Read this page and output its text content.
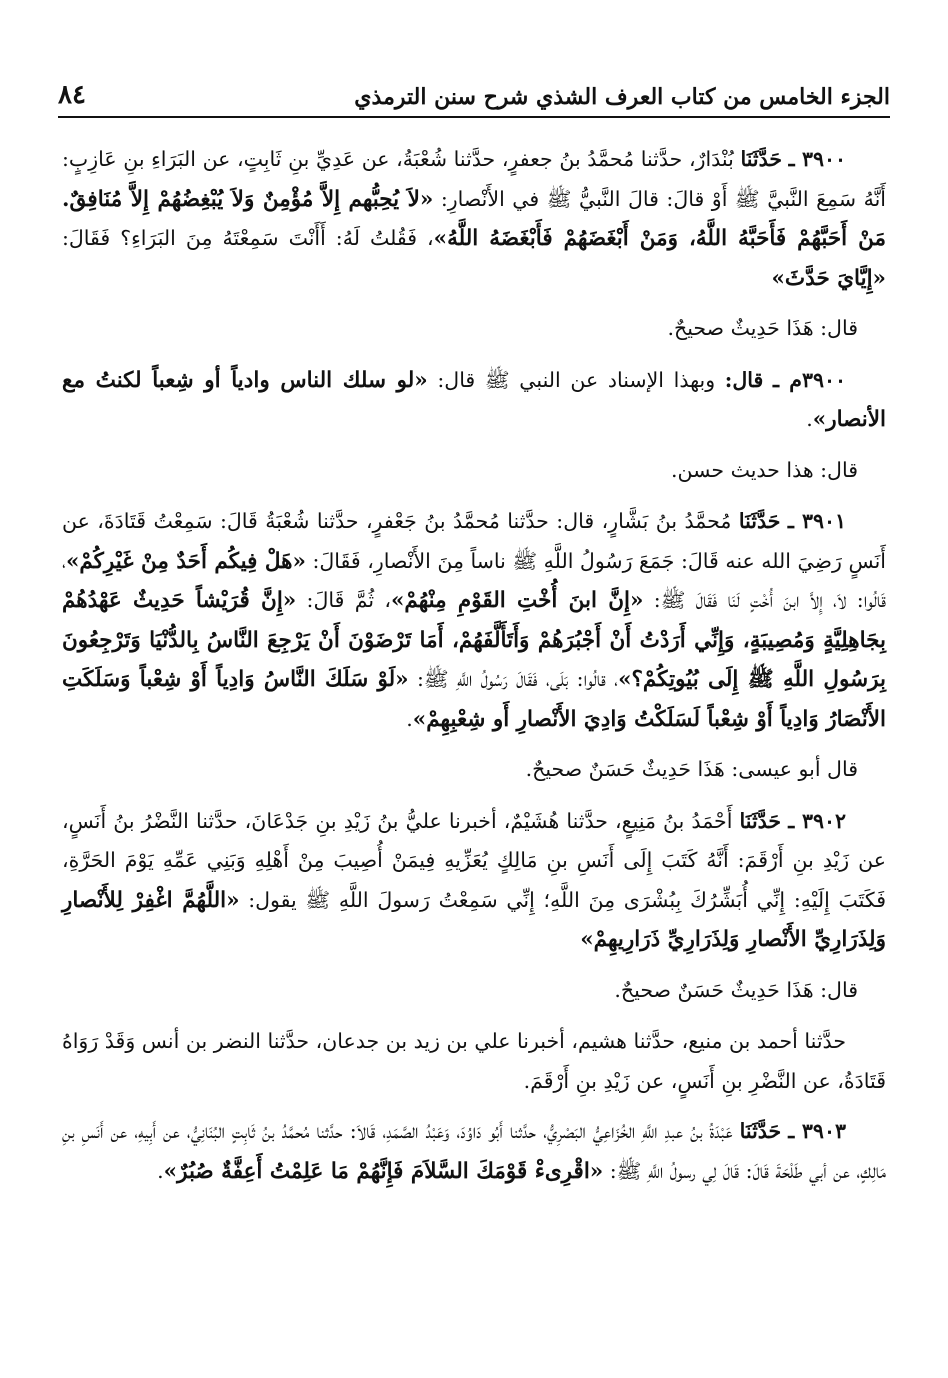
الجزء الخامس من كتاب العرف الشذي شرح سنن الترمذي
٨٤

٣٩٠٠ ـ حَدَّثَنَا بُنْدَارٌ، حدَّثنا مُحمَّدُ بنُ جعفرٍ، حدَّثنا شُعْبَةُ، عن عَدِيِّ بنِ ثَابِتٍ، عن البَرَاءِ بنِ عَازِبٍ: أَنَّهُ سَمِعَ النَّبيَّ ﷺ أَوْ قالَ: قالَ النَّبيُّ ﷺ في الأَنْصارِ: «لاَ يُحِبُّهم إِلاَّ مُؤْمِنٌ وَلاَ يُبْغِضُهُمْ إِلاَّ مُنَافِقٌ. مَنْ أَحَبَّهُمْ فَأَحَبَّهُ اللَّهُ، وَمَنْ أَبْغَضَهُمْ فَأَبْغَضَهُ اللَّهُ»، فَقُلتُ لَهُ: أَأَنْتَ سَمِعْتَهُ مِنَ البَرَاءِ؟ فَقَالَ: «إِيَّايَ حَدَّثَ»

قال: هَذَا حَدِيثٌ صحيحٌ.

٣٩٠٠م ـ قال: وبهذا الإسناد عن النبي ﷺ قال: «لو سلك الناس وادياً أو شِعباً لكنتُ مع الأنصار».

قال: هذا حديث حسن.

٣٩٠١ ـ حَدَّثَنَا مُحمَّدُ بنُ بَشَّارٍ، قال: حدَّثنا مُحمَّدُ بنُ جَعْفرٍ، حدَّثنا شُعْبَةُ قَالَ: سَمِعْتُ قَتَادَةَ، عن أَنَسٍ رَضِيَ الله عنه قَالَ: جَمَعَ رَسُولُ اللَّهِ ﷺ ناساً مِنَ الأَنْصارِ، فَقَالَ: «هَلْ فِيكُم أَحَدٌ مِنْ غَيْرِكُمْ»، قَالُوا: لاَ، إِلاَّ ابنَ أُخْتٍ لَنَا فَقَالَ ﷺ: «إِنَّ ابنَ أُخْتِ القَوْمِ مِنْهُمْ»، ثُمَّ قَالَ: «إِنَّ قُرَيْشاً حَدِيثٌ عَهْدُهُمْ بِجَاهِلِيَّةٍ وَمُصِيبَةٍ، وَإِنِّي أَرَدْتُ أَنْ أَجْبُرَهُمْ وَأَتَأَلَّفَهُمْ، أَمَا تَرْضَوْنَ أَنْ يَرْجِعَ النَّاسُ بِالدُّنْيَا وَتَرْجِعُونَ بِرَسُولِ اللَّهِ ﷺ إِلَى بُيُوتِكُمْ؟»، قالُوا: بَلَى، فَقَالَ رَسُولُ اللَّهِ ﷺ: «لَوْ سَلَكَ النَّاسُ وَادِياً أَوْ شِعْباً وَسَلَكَتِ الأَنْصَارُ وَادِياً أَوْ شِعْباً لَسَلَكْتُ وَادِيَ الأَنْصارِ أَو شِعْبِهِمْ».

قال أبو عيسى: هَذَا حَدِيثٌ حَسَنٌ صحيحٌ.

٣٩٠٢ ـ حَدَّثَنَا أَحْمَدُ بنُ مَنِيعٍ، حدَّثنا هُشَيْمٌ، أخبرنا عليُّ بنُ زَيْدِ بنِ جَدْعَانَ، حدَّثنا النَّضْرُ بنُ أَنَسٍ، عن زَيْدِ بنِ أَرْقَمَ: أَنَّهُ كَتَبَ إِلَى أَنَسِ بنِ مَالِكٍ يُعَزِّيهِ فِيمَنْ أُصِيبَ مِنْ أَهْلِهِ وَبَنِي عَمِّهِ يَوْمَ الحَرَّةِ، فَكَتَبَ إِلَيْهِ: إِنِّي أُبَشِّرُكَ بِبُشْرَى مِنَ اللَّهِ؛ إِنِّي سَمِعْتُ رَسولَ اللَّهِ ﷺ يقول: «اللَّهُمَّ اغْفِرْ لِلأَنْصارِ وَلِذَرَارِيِّ الأَنْصارِ وَلِذَرَارِيِّ ذَرَارِيهِمْ»

قال: هَذَا حَدِيثٌ حَسَنٌ صحيحٌ.

حدَّثنا أحمد بن منيع، حدَّثنا هشيم، أخبرنا علي بن زيد بن جدعان، حدَّثنا النضر بن أنس وَقَدْ رَوَاهُ قَتَادَةُ، عن النَّضْرِ بنِ أَنَسٍ، عن زَيْدِ بنِ أَرْقَمَ.

٣٩٠٣ ـ حَدَّثَنَا عَبْدَةُ بنُ عبدِ اللَّهِ الخُزَاعِيُّ البَصْرِيُّ، حدَّثنا أَبُو دَاوُدَ، وَعَبْدُ الصَّمَدِ، قَالاَ: حدَّثنا مُحمَّدُ بنُ ثَابِتٍ البُنَانِيُّ، عن أَبِيهِ، عن أَنَسِ بنِ مَالِكٍ، عن أبي طَلْحَةَ قَالَ: قَالَ لِي رسولُ اللَّهِ ﷺ: «اقْرِىءْ قَوْمَكَ السَّلاَمَ فَإِنَّهُمْ مَا عَلِمْتُ أَعِفَّةٌ صُبُرٌ».
